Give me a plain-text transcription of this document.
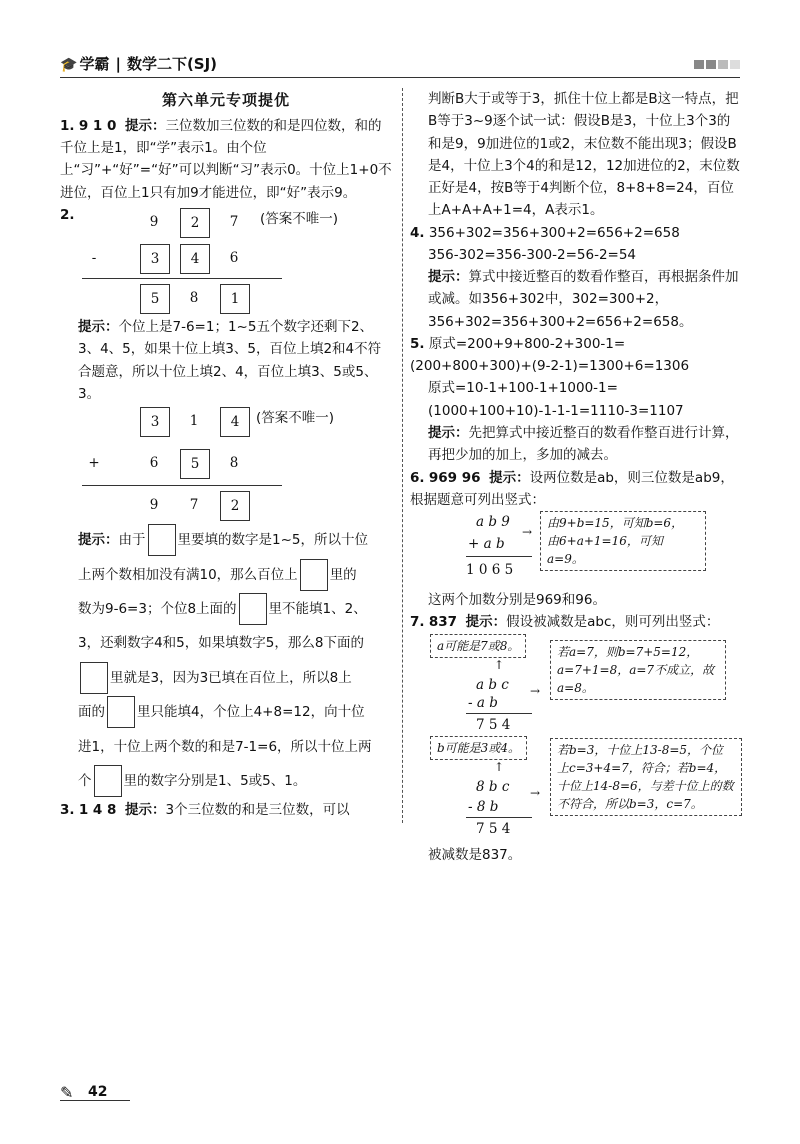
🎓 学霸 | 数学二下(SJ)
第六单元专项提优

1. 9 1 0 提示：三位数加三位数的和是四位数，和的千位上是1，即“学”表示1。由个位上“习”+“好”=“好”可以判断“习”表示0。十位上1+0不进位，百位上1只有加9才能进位，即“好”表示9。

2.	9	2	7	(答案不唯一)
-	3	4	6
5	8	1

提示：个位上是7-6=1；1~5五个数字还剩下2、3、4、5，如果十位上填3、5，百位上填2和4不符合题意，所以十位上填2、4，百位上填3、5或5、3。

3	1	4	(答案不唯一)
+	6	5	8
9	7	2
提示：由于 里要填的数字是1~5，所以十位
上两个数相加没有满10，那么百位上 里的
数为9-6=3；个位8上面的 里不能填1、2、
3，还剩数字4和5，如果填数字5，那么8下面的
里就是3，因为3已填在百位上，所以8上
面的 里只能填4，个位上4+8=12，向十位
进1，十位上两个数的和是7-1=6，所以十位上两
个 里的数字分别是1、5或5、1。

3. 1 4 8 提示：3个三位数的和是三位数，可以

判断B大于或等于3，抓住十位上都是B这一特点，把B等于3~9逐个试一试：假设B是3，十位上3个3的和是9，9加进位的1或2，末位数不能出现3；假设B是4，十位上3个4的和是12，12加进位的2，末位数正好是4，按B等于4判断个位，8+8+8=24，百位上A+A+A+1=4，A表示1。

4. 356+302=356+300+2=656+2=658

356-302=356-300-2=56-2=54

提示：算式中接近整百的数看作整百，再根据条件加或减。如356+302中，302=300+2，356+302=356+300+2=656+2=658。

5. 原式=200+9+800-2+300-1=(200+800+300)+(9-2-1)=1300+6=1306

原式=10-1+100-1+1000-1=(1000+100+10)-1-1-1=1110-3=1107

提示：先把算式中接近整百的数看作整百进行计算，再把少加的加上，多加的减去。

6. 969 96 提示：设两位数是ab，则三位数是ab9，根据题意可列出竖式：

a b 9
+ a b
1 0 6 5
→
由9+b=15，可知b=6，
由6+a+1=16，可知a=9。

这两个加数分别是969和96。

7. 837 提示：假设被减数是abc，则可列出竖式：

a可能是7或8。
↑
a b c
- a b
7 5 4
→
若a=7，则b=7+5=12，a=7+1=8，a=7不成立，故a=8。
b可能是3或4。
↑
8 b c
- 8 b
7 5 4
→
若b=3，十位上13-8=5，个位上c=3+4=7，符合；若b=4，十位上14-8=6，与差十位上的数不符合，所以b=3，c=7。

被减数是837。

✎ 42
